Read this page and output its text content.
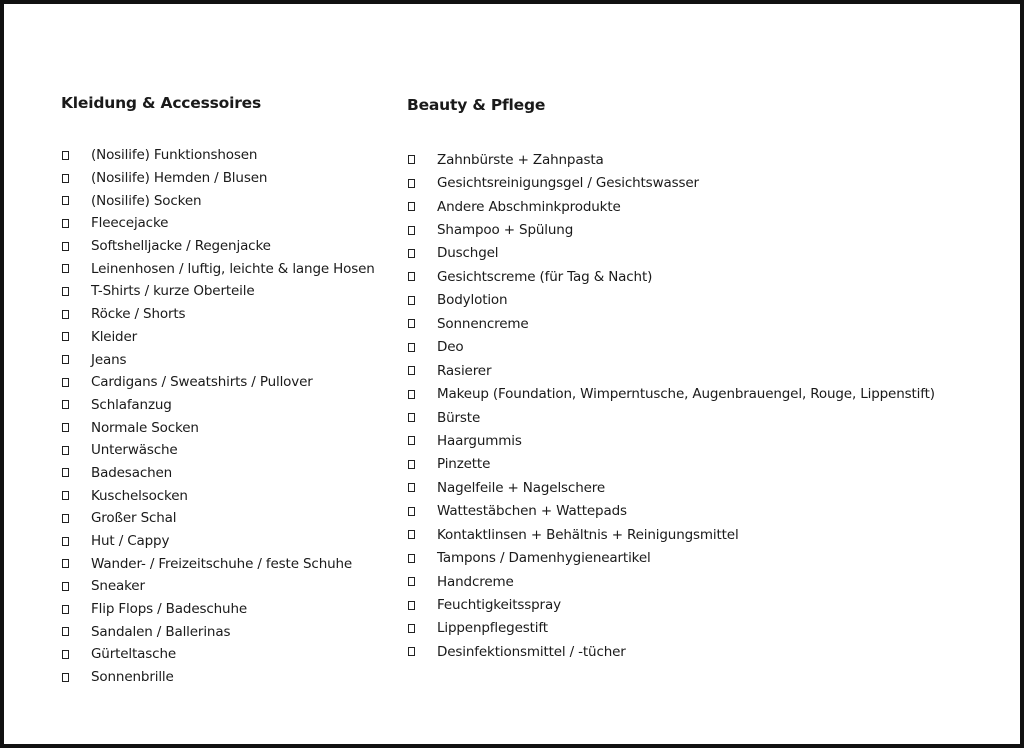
Kleidung & Accessoires
(Nosilife) Funktionshosen
(Nosilife) Hemden / Blusen
(Nosilife) Socken
Fleecejacke
Softshelljacke / Regenjacke
Leinenhosen / luftig, leichte & lange Hosen
T-Shirts / kurze Oberteile
Röcke / Shorts
Kleider
Jeans
Cardigans / Sweatshirts / Pullover
Schlafanzug
Normale Socken
Unterwäsche
Badesachen
Kuschelsocken
Großer Schal
Hut / Cappy
Wander- / Freizeitschuhe / feste Schuhe
Sneaker
Flip Flops / Badeschuhe
Sandalen / Ballerinas
Gürteltasche
Sonnenbrille
Beauty & Pflege
Zahnbürste + Zahnpasta
Gesichtsreinigungsgel / Gesichtswasser
Andere Abschminkprodukte
Shampoo + Spülung
Duschgel
Gesichtscreme (für Tag & Nacht)
Bodylotion
Sonnencreme
Deo
Rasierer
Makeup (Foundation, Wimperntusche, Augenbrauengel, Rouge, Lippenstift)
Bürste
Haargummis
Pinzette
Nagelfeile + Nagelschere
Wattestäbchen + Wattepads
Kontaktlinsen + Behältnis + Reinigungsmittel
Tampons / Damenhygieneartikel
Handcreme
Feuchtigkeitsspray
Lippenpflegestift
Desinfektionsmittel / -tücher
